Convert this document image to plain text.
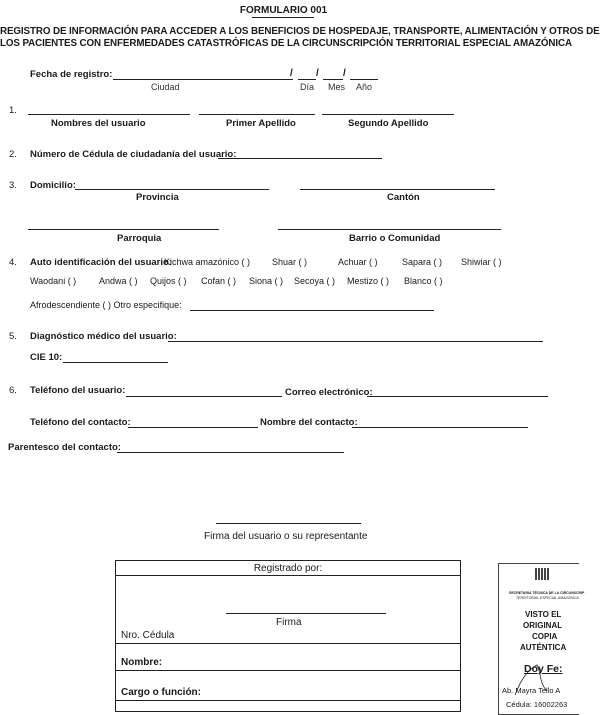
FORMULARIO 001
REGISTRO DE INFORMACIÓN PARA ACCEDER A LOS BENEFICIOS DE HOSPEDAJE, TRANSPORTE, ALIMENTACIÓN Y OTROS DE
LOS PACIENTES CON ENFERMEDADES CATASTRÓFICAS DE LA CIRCUNSCRIPCIÓN TERRITORIAL ESPECIAL AMAZÓNICA
Fecha de registro:	/ / /
Ciudad	Día Mes Año
1.
Nombres del usuario	Primer Apellido	Segundo Apellido
2. Número de Cédula de ciudadanía del usuario:
3. Domicilio:
Provincia	Cantón
Parroquia	Barrio o Comunidad
4. Auto identificación del usuario:
Kichwa amazónico ( ) Shuar ( )	Achuar ( )	Sapara ( ) Shiwiar ( )
Waodani ( )	Andwa ( ) Quijos ( ) Cofan ( ) Siona ( ) Secoya ( ) Mestizo ( ) Blanco ( )
Afrodescendiente ( ) Otro especifique:
5. Diagnóstico médico del usuario:
CIE 10:
6. Teléfono del usuario:	Correo electrónico:
Teléfono del contacto:	Nombre del contacto:
Parentesco del contacto:
Firma del usuario o su representante
Registrado por:
Firma
Nro. Cédula
Nombre:
Cargo o función:
SECRETARIA TÉCNICA DE LA CIRCUNSCRIP
TERRITORIAL ESPECIAL AMAZÓNICA
VISTO EL
ORIGINAL
COPIA
AUTÉNTICA
Doy Fe:
Ab. Mayra Tello A
Cédula: 16002263
